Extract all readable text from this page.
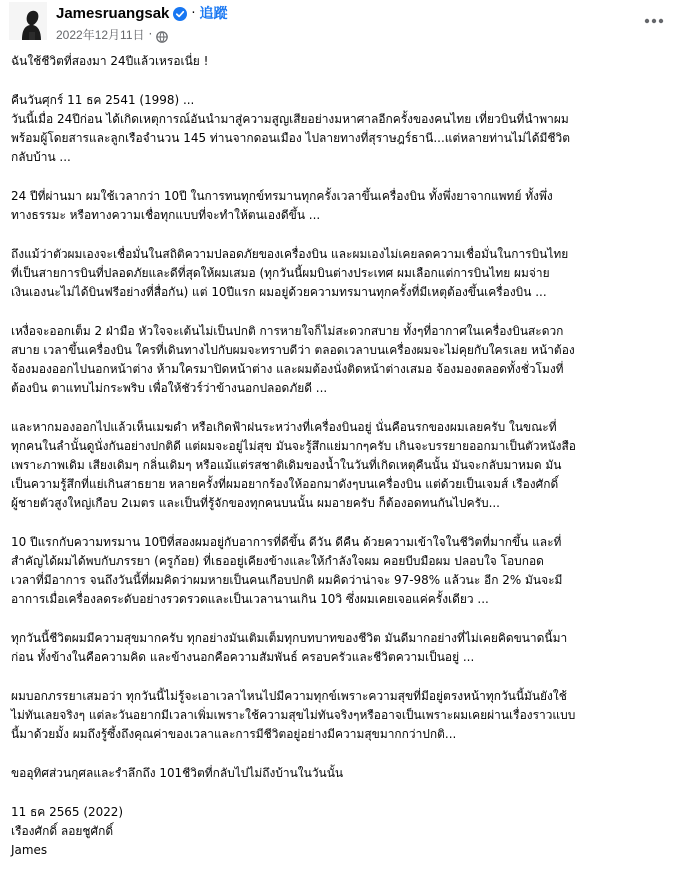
Jamesruangsak · 追蹤
2022年12月11日 ·
ฉันใช้ชีวิตที่สองมา 24ปีแล้วเหรอเนี่ย !
คืนวันศุกร์ 11 ธค 2541 (1998) ...
วันนี้เมื่อ 24ปีก่อน ได้เกิดเหตุการณ์อันนำมาสู่ความสูญเสียอย่างมหาศาลอีกครั้งของคนไทย เที่ยวบินที่นำพาผม
พร้อมผู้โดยสารและลูกเรือจำนวน 145 ท่านจากดอนเมือง ไปลายทางที่สุราษฎร์ธานี...แต่หลายท่านไม่ได้มีชีวิต
กลับบ้าน ...
24 ปีที่ผ่านมา ผมใช้เวลากว่า 10ปี ในการทนทุกข์ทรมานทุกครั้งเวลาขึ้นเครื่องบิน ทั้งพึ่งยาจากแพทย์ ทั้งพึ่ง
ทางธรรมะ หรือทางความเชื่อทุกแบบที่จะทำให้ตนเองดีขึ้น ...
ถึงแม้ว่าตัวผมเองจะเชื่อมั่นในสถิติความปลอดภัยของเครื่องบิน และผมเองไม่เคยลดความเชื่อมั่นในการบินไทย
ที่เป็นสายการบินที่ปลอดภัยและดีที่สุดให้ผมเสมอ (ทุกวันนี้ผมบินต่างประเทศ ผมเลือกแต่การบินไทย ผมจ่าย
เงินเองนะไม่ได้บินฟรีอย่างที่สื่อกัน) แต่ 10ปีแรก ผมอยู่ด้วยความทรมานทุกครั้งที่มีเหตุต้องขึ้นเครื่องบิน ...
เหงื่อจะออกเต็ม 2 ฝ่ามือ หัวใจจะเต้นไม่เป็นปกติ การหายใจก็ไม่สะดวกสบาย ทั้งๆที่อากาศในเครื่องบินสะดวก
สบาย เวลาขึ้นเครื่องบิน ใครที่เดินทางไปกับผมจะทราบดีว่า ตลอดเวลาบนเครื่องผมจะไม่คุยกับใครเลย หน้าต้อง
จ้องมองออกไปนอกหน้าต่าง ห้ามใครมาปิดหน้าต่าง และผมต้องนั่งติดหน้าต่างเสมอ จ้องมองตลอดทั้งชั่วโมงที่
ต้องบิน ตาแทบไม่กระพริบ เพื่อให้ชัวร์ว่าข้างนอกปลอดภัยดี ...
และหากมองออกไปแล้วเห็นเมฆดำ หรือเกิดฟ้าฝนระหว่างที่เครื่องบินอยู่ นั่นคือนรกของผมเลยครับ ในขณะที่
ทุกคนในลำนั้นดูนั่งกันอย่างปกติดี แต่ผมจะอยู่ไม่สุข มันจะรู้สึกแย่มากๆครับ เกินจะบรรยายออกมาเป็นตัวหนังสือ
เพราะภาพเดิม เสียงเดิมๆ กลิ่นเดิมๆ หรือแม้แต่รสชาติเดิมของน้ำในวันที่เกิดเหตุคืนนั้น มันจะกลับมาหมด มัน
เป็นความรู้สึกที่แย่เกินสาธยาย หลายครั้งที่ผมอยากร้องให้ออกมาดังๆบนเครื่องบิน แต่ด้วยเป็นเจมส์ เรืองศักดิ์
ผู้ชายตัวสูงใหญ่เกือบ 2เมตร และเป็นที่รู้จักของทุกคนบนนั้น ผมอายครับ ก็ต้องอดทนกันไปครับ...
10 ปีแรกกับความทรมาน 10ปีที่สองผมอยู่กับอาการที่ดีขึ้น ดีวัน ดีคืน ด้วยความเข้าใจในชีวิตที่มากขึ้น และที่
สำคัญได้ผมได้พบกับภรรยา (ครูก้อย) ที่เธออยู่เคียงข้างและให้กำลังใจผม คอยบีบมือผม ปลอบใจ โอบกอด
เวลาที่มีอาการ จนถึงวันนี้ที่ผมคิดว่าผมหายเป็นคนเกือบปกติ ผมคิดว่าน่าจะ 97-98% แล้วนะ อีก 2% มันจะมี
อาการเมื่อเครื่องลดระดับอย่างรวดรวดและเป็นเวลานานเกิน 10วิ ซึ่งผมเคยเจอแค่ครั้งเดียว ...
ทุกวันนี้ชีวิตผมมีความสุขมากครับ ทุกอย่างมันเติมเต็มทุกบทบาทของชีวิต มันดีมากอย่างที่ไม่เคยคิดขนาดนี้มา
ก่อน ทั้งข้างในคือความคิด และข้างนอกคือความสัมพันธ์ ครอบครัวและชีวิตความเป็นอยู่ ...
ผมบอกภรรยาเสมอว่า ทุกวันนี้ไม่รู้จะเอาเวลาไหนไปมีความทุกข์เพราะความสุขที่มีอยู่ตรงหน้าทุกวันนี้มันยังใช้
ไม่ทันเลยจริงๆ แต่ละวันอยากมีเวลาเพิ่มเพราะใช้ความสุขไม่ทันจริงๆหรืออาจเป็นเพราะผมเคยผ่านเรื่องราวแบบ
นี้มาด้วยมั้ง ผมถึงรู้ซึ้งถึงคุณค่าของเวลาและการมีชีวิตอยู่อย่างมีความสุขมากกว่าปกติ...
ขออุทิศส่วนกุศลและรำลึกถึง 101ชีวิตที่กลับไปไม่ถึงบ้านในวันนั้น
11 ธค 2565 (2022)
เรืองศักดิ์ ลอยชูศักดิ์
James
